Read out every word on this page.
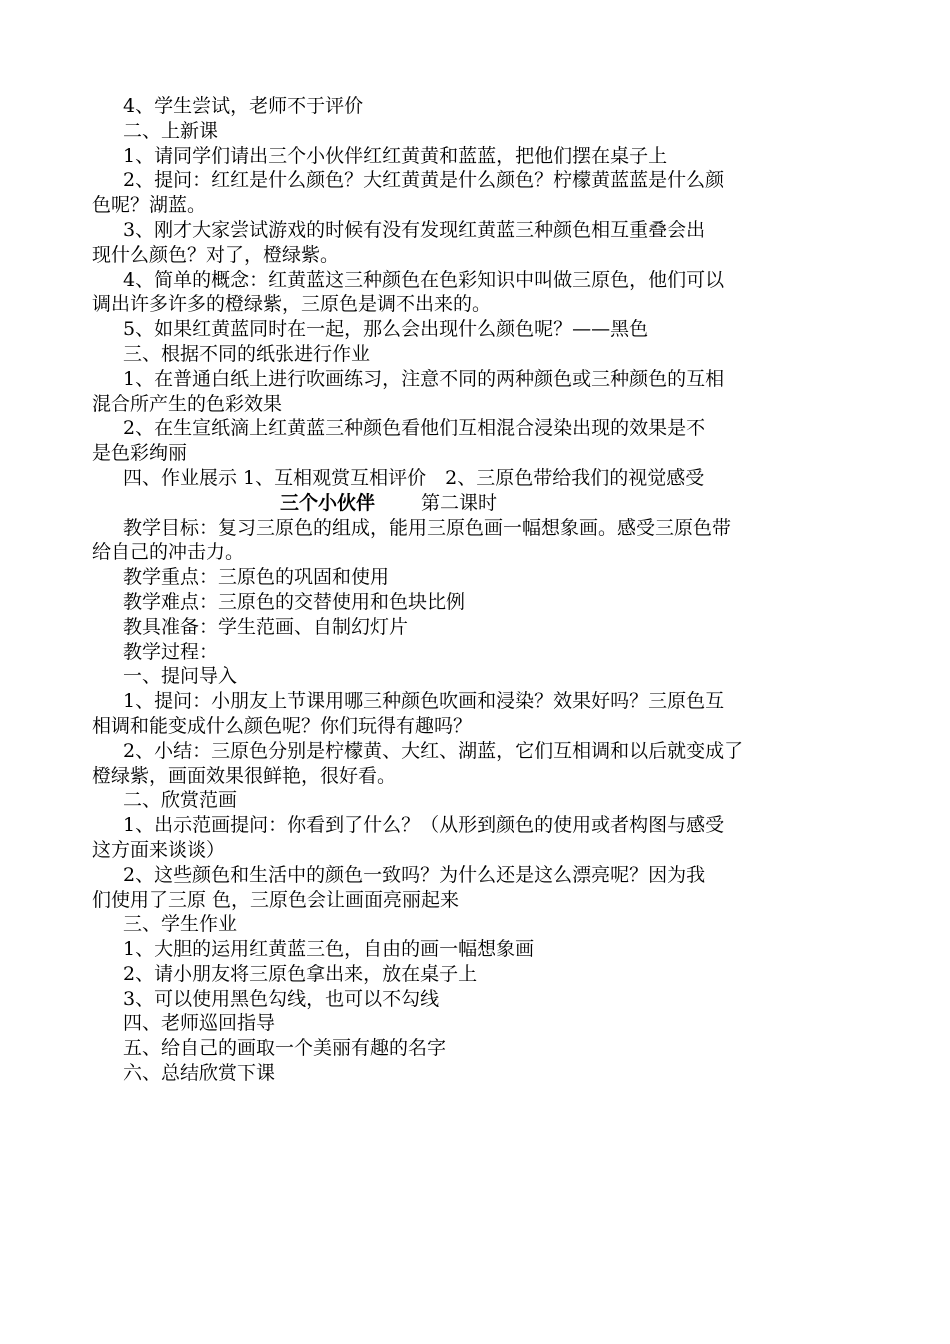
4、学生尝试，老师不于评价
二、上新课
1、请同学们请出三个小伙伴红红黄黄和蓝蓝，把他们摆在桌子上
2、提问：红红是什么颜色？大红黄黄是什么颜色？柠檬黄蓝蓝是什么颜
色呢？湖蓝。
3、刚才大家尝试游戏的时候有没有发现红黄蓝三种颜色相互重叠会出
现什么颜色？对了，橙绿紫。
4、简单的概念：红黄蓝这三种颜色在色彩知识中叫做三原色，他们可以
调出许多许多的橙绿紫，三原色是调不出来的。
5、如果红黄蓝同时在一起，那么会出现什么颜色呢？——黑色
三、根据不同的纸张进行作业
1、在普通白纸上进行吹画练习，注意不同的两种颜色或三种颜色的互相
混合所产生的色彩效果
2、在生宣纸滴上红黄蓝三种颜色看他们互相混合浸染出现的效果是不
是色彩绚丽
四、作业展示 1、互相观赏互相评价　2、三原色带给我们的视觉感受
三个小伙伴 第二课时
教学目标：复习三原色的组成，能用三原色画一幅想象画。感受三原色带
给自己的冲击力。
教学重点：三原色的巩固和使用
教学难点：三原色的交替使用和色块比例
教具准备：学生范画、自制幻灯片
教学过程：
一、提问导入
1、提问：小朋友上节课用哪三种颜色吹画和浸染？效果好吗？三原色互
相调和能变成什么颜色呢？你们玩得有趣吗？
2、小结：三原色分别是柠檬黄、大红、湖蓝，它们互相调和以后就变成了
橙绿紫，画面效果很鲜艳，很好看。
二、欣赏范画
1、出示范画提问：你看到了什么？（从形到颜色的使用或者构图与感受
这方面来谈谈）
2、这些颜色和生活中的颜色一致吗？为什么还是这么漂亮呢？因为我
们使用了三原 色，三原色会让画面亮丽起来
三、学生作业
1、大胆的运用红黄蓝三色，自由的画一幅想象画
2、请小朋友将三原色拿出来，放在桌子上
3、可以使用黑色勾线，也可以不勾线
四、老师巡回指导
五、给自己的画取一个美丽有趣的名字
六、总结欣赏下课
